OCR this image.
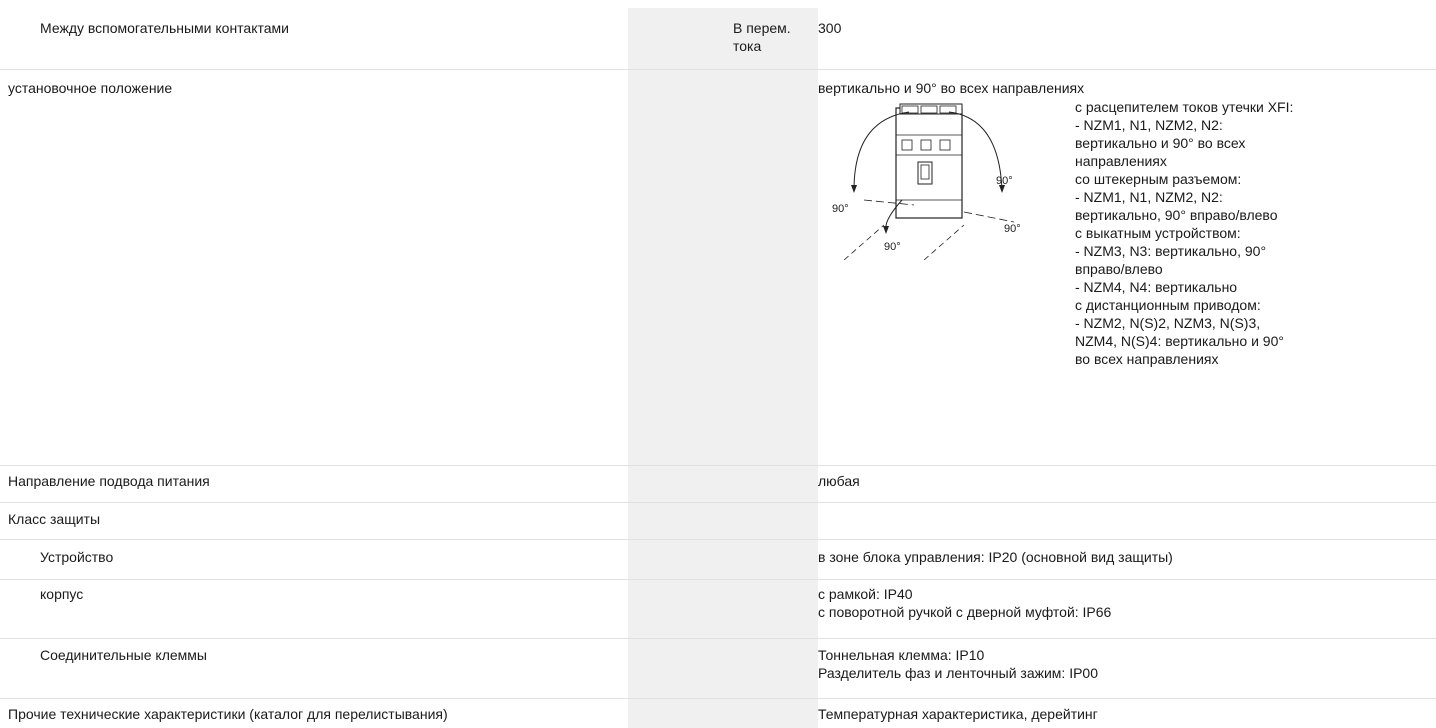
Между вспомогательными контактами	В перем.
тока
300
установочное положение	вертикально и 90° во всех направлениях
с расцепителем токов утечки XFI:
- NZM1, N1, NZM2, N2:
вертикально и 90° во всех
направлениях
со штекерным разъемом:
- NZM1, N1, NZM2, N2:
вертикально, 90° вправо/влево
с выкатным устройством:
- NZM3, N3: вертикально, 90°
вправо/влево
- NZM4, N4: вертикально
с дистанционным приводом:
- NZM2, N(S)2, NZM3, N(S)3,
NZM4, N(S)4: вертикально и 90°
во всех направлениях
90°
90°
90°
90°
Направление подвода питания	любая
Класс защиты
Устройство	в зоне блока управления: IP20 (основной вид защиты)
корпус	с рамкой: IP40
с поворотной ручкой с дверной муфтой: IP66
Соединительные клеммы	Тоннельная клемма: IP10
Разделитель фаз и ленточный зажим: IP00
Прочие технические характеристики (каталог для перелистывания)	Температурная характеристика, дерейтинг
